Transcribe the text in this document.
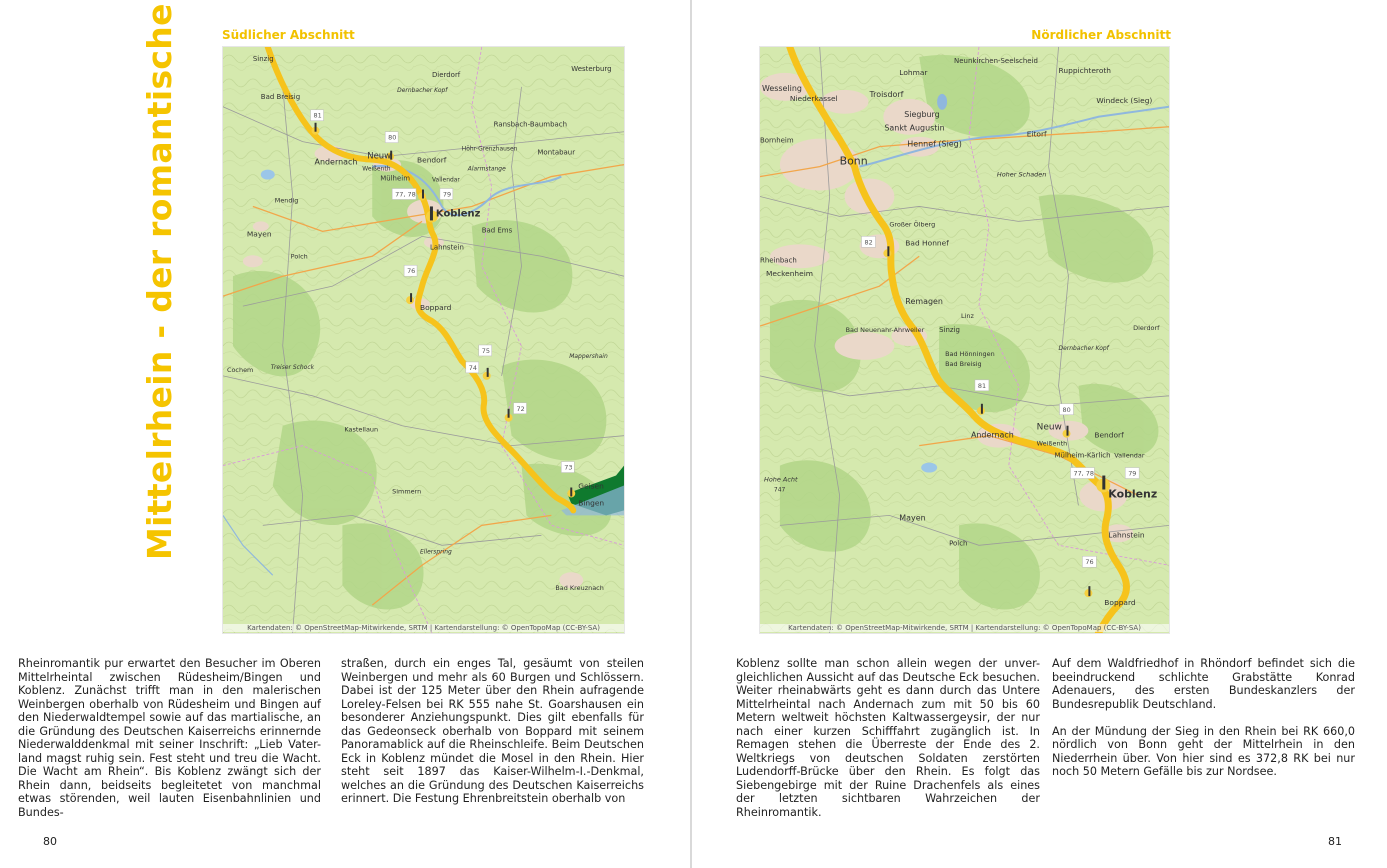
Südlicher Abschnitt
Mittelrhein - der romantische	Sinzig
Bad Breisig
Dierdorf
Westerburg
Dernbacher Kopf
Ransbach-Baumbach
Höhr-Grenzhausen	Montabaur
Alarmstange
Andernach
Neuw	Bendorf
Vallendar
Weißenth
Mülheim
Koblenz
Lahnstein
Bad Ems
Mendig
Mayen
Polch
Boppard
Mappershain
Cochem	Treiser Schock
Kastellaun
Simmern
Ellerspring
Bad Kreuznach
Geisen
Bingen
81
80
77, 78	79
76
75
74
72
73
Kartendaten: © OpenStreetMap-Mitwirkende, SRTM | Kartendarstellung: © OpenTopoMap (CC-BY-SA)

Rheinromantik pur erwartet den Besucher im Oberen Mittelrheintal zwischen Rüdesheim/Bingen und Koblenz. Zunächst trifft man in den malerischen Weinbergen oberhalb von Rüdesheim und Bingen auf den Niederwaldtempel sowie auf das martialische, an die Gründung des Deutschen Kaiserreichs erinnernde Niederwalddenkmal mit seiner Inschrift: „Lieb Vater-land magst ruhig sein. Fest steht und treu die Wacht. Die Wacht am Rhein“. Bis Koblenz zwängt sich der Rhein dann, beidseits begleitetet von manchmal etwas störenden, weil lauten Eisenbahnlinien und Bundes-

straßen, durch ein enges Tal, gesäumt von steilen Weinbergen und mehr als 60 Burgen und Schlössern. Dabei ist der 125 Meter über den Rhein aufragende Loreley-Felsen bei RK 555 nahe St. Goarshausen ein besonderer Anziehungspunkt. Dies gilt ebenfalls für das Gedeonseck oberhalb von Boppard mit seinem Panoramablick auf die Rheinschleife. Beim Deutschen Eck in Koblenz mündet die Mosel in den Rhein. Hier steht seit 1897 das Kaiser-Wilhelm-I.-Denkmal, welches an die Gründung des Deutschen Kaiserreichs erinnert. Die Festung Ehrenbreitstein oberhalb von

80
Nördlicher Abschnitt
Wesseling
Niederkassel	Troisdorf
Lohmar
Neunkirchen-Seelscheid
Ruppichteroth
Siegburg
Sankt Augustin
Hennef (Sieg)
Windeck (Sieg)
Eitorf
Bornheim
Bonn
Hoher Schaden
Großer Ölberg
Bad Honnef
Rheinbach
Meckenheim
Remagen
Linz
Sinzig
Bad Neuenahr-Ahrweiler	Dierdorf
Dernbacher Kopf
Bad Hönningen
Bad Breisig
Andernach
Neuw
Weißenth
Mülheim-Kärlich
Bendorf
Vallendar
Koblenz
Lahnstein
Boppard
Mayen
Polch
Hohe Acht
747
82
81
80
77, 78	79
76
Kartendaten: © OpenStreetMap-Mitwirkende, SRTM | Kartendarstellung: © OpenTopoMap (CC-BY-SA)

Koblenz sollte man schon allein wegen der unver-gleichlichen Aussicht auf das Deutsche Eck besuchen. Weiter rheinabwärts geht es dann durch das Untere Mittelrheintal nach Andernach zum mit 50 bis 60 Metern weltweit höchsten Kaltwassergeysir, der nur nach einer kurzen Schifffahrt zugänglich ist. In Remagen stehen die Überreste der Ende des 2. Weltkriegs von deutschen Soldaten zerstörten Ludendorff-Brücke über den Rhein. Es folgt das Siebengebirge mit der Ruine Drachenfels als eines der letzten sichtbaren Wahrzeichen der Rheinromantik.

Auf dem Waldfriedhof in Rhöndorf befindet sich die beeindruckend schlichte Grabstätte Konrad Adenauers, des ersten Bundeskanzlers der Bundesrepublik Deutschland.

An der Mündung der Sieg in den Rhein bei RK 660,0 nördlich von Bonn geht der Mittelrhein in den Niederrhein über. Von hier sind es 372,8 RK bei nur noch 50 Metern Gefälle bis zur Nordsee.

81
